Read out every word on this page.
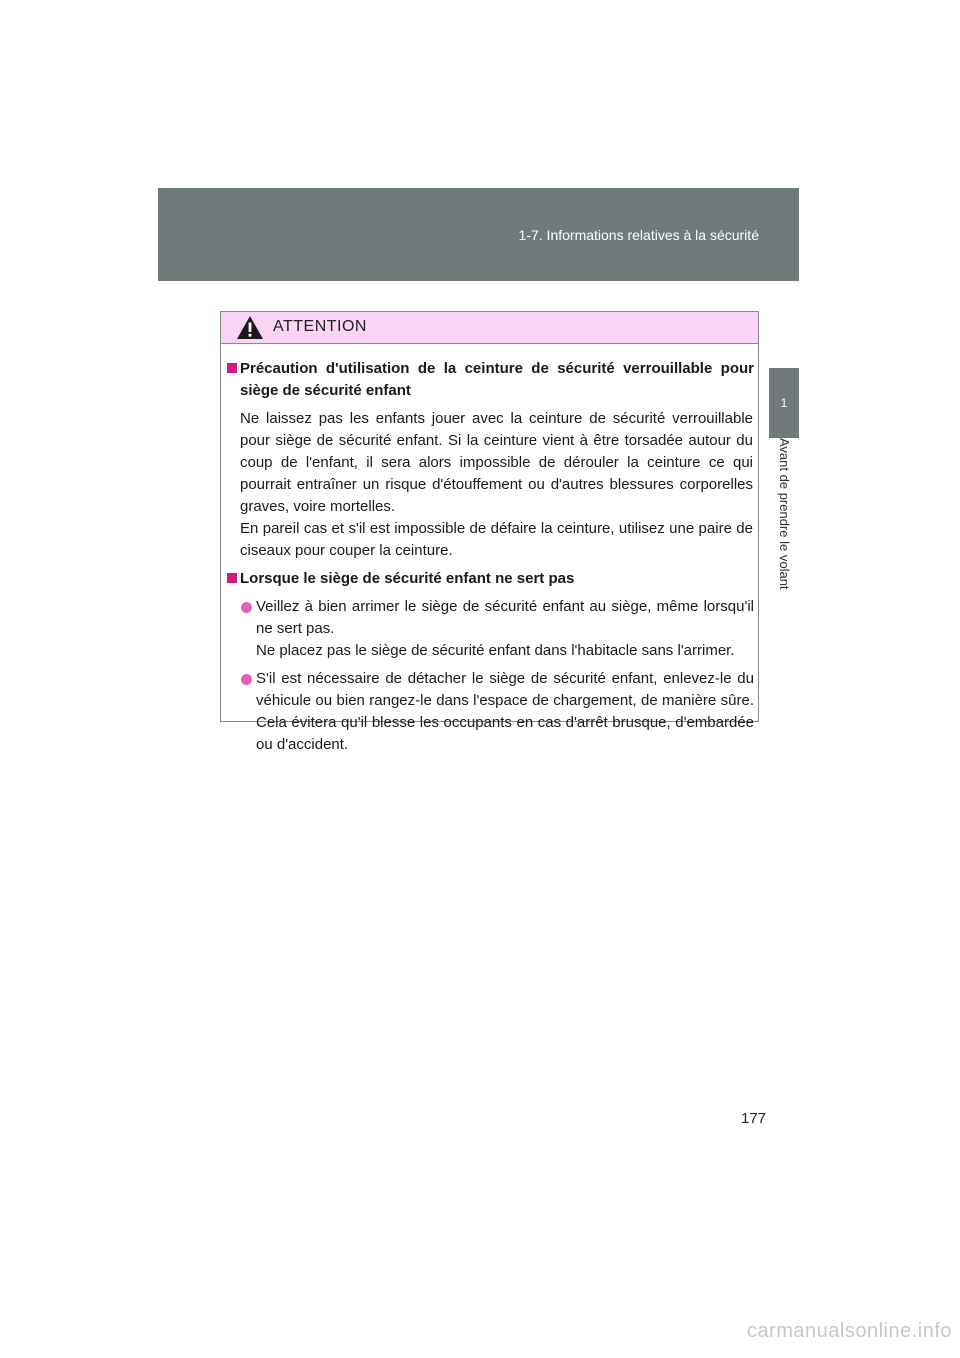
1-7. Informations relatives à la sécurité
1
Avant de prendre le volant
ATTENTION
Précaution d'utilisation de la ceinture de sécurité verrouillable pour siège de sécurité enfant
Ne laissez pas les enfants jouer avec la ceinture de sécurité verrouillable pour siège de sécurité enfant. Si la ceinture vient à être torsadée autour du coup de l'enfant, il sera alors impossible de dérouler la ceinture ce qui pourrait entraîner un risque d'étouffement ou d'autres blessures corporelles graves, voire mortelles.
En pareil cas et s'il est impossible de défaire la ceinture, utilisez une paire de ciseaux pour couper la ceinture.
Lorsque le siège de sécurité enfant ne sert pas
Veillez à bien arrimer le siège de sécurité enfant au siège, même lorsqu'il ne sert pas.
Ne placez pas le siège de sécurité enfant dans l'habitacle sans l'arrimer.
S'il est nécessaire de détacher le siège de sécurité enfant, enlevez-le du véhicule ou bien rangez-le dans l'espace de chargement, de manière sûre. Cela évitera qu'il blesse les occupants en cas d'arrêt brusque, d'embardée ou d'accident.
177
carmanualsonline.info
